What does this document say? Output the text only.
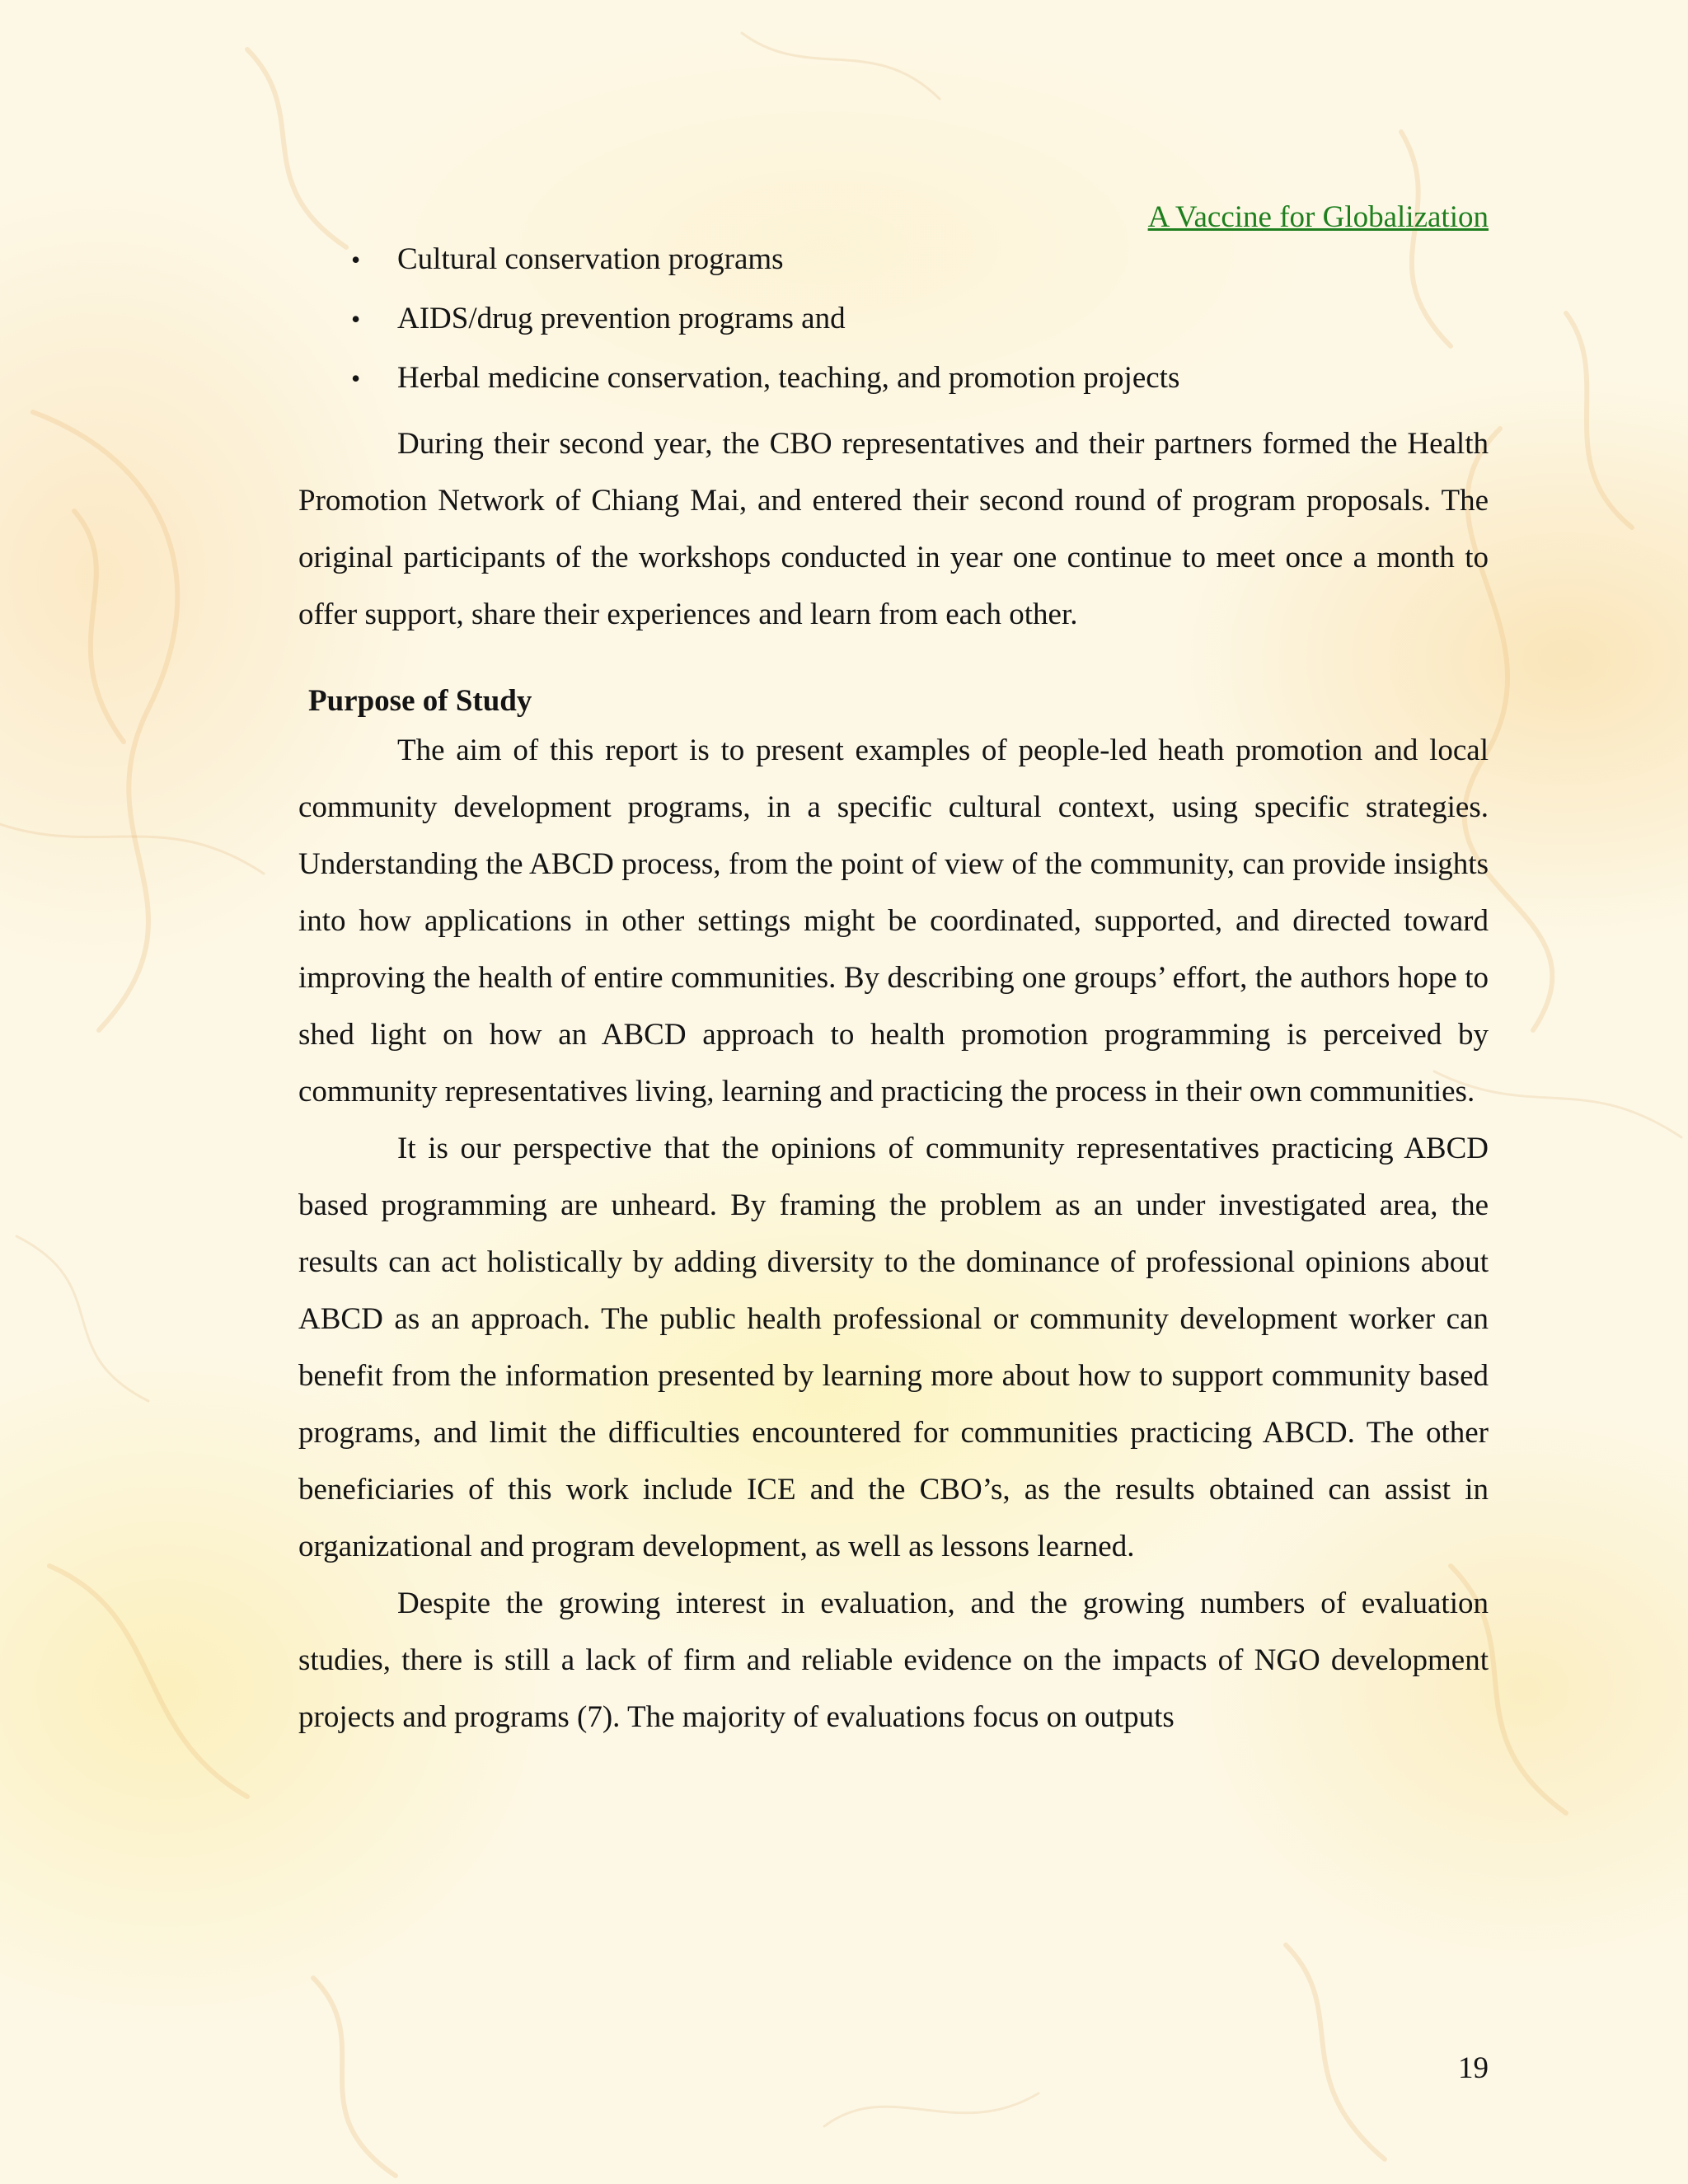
A Vaccine for Globalization

• Cultural conservation programs
• AIDS/drug prevention programs and
• Herbal medicine conservation, teaching, and promotion projects

During their second year, the CBO representatives and their partners formed the Health Promotion Network of Chiang Mai, and entered their second round of program proposals. The original participants of the workshops conducted in year one continue to meet once a month to offer support, share their experiences and learn from each other.

Purpose of Study

The aim of this report is to present examples of people-led heath promotion and local community development programs, in a specific cultural context, using specific strategies. Understanding the ABCD process, from the point of view of the community, can provide insights into how applications in other settings might be coordinated, supported, and directed toward improving the health of entire communities. By describing one groups’ effort, the authors hope to shed light on how an ABCD approach to health promotion programming is perceived by community representatives living, learning and practicing the process in their own communities.

It is our perspective that the opinions of community representatives practicing ABCD based programming are unheard. By framing the problem as an under investigated area, the results can act holistically by adding diversity to the dominance of professional opinions about ABCD as an approach. The public health professional or community development worker can benefit from the information presented by learning more about how to support community based programs, and limit the difficulties encountered for communities practicing ABCD. The other beneficiaries of this work include ICE and the CBO’s, as the results obtained can assist in organizational and program development, as well as lessons learned.

Despite the growing interest in evaluation, and the growing numbers of evaluation studies, there is still a lack of firm and reliable evidence on the impacts of NGO development projects and programs (7). The majority of evaluations focus on outputs

19
